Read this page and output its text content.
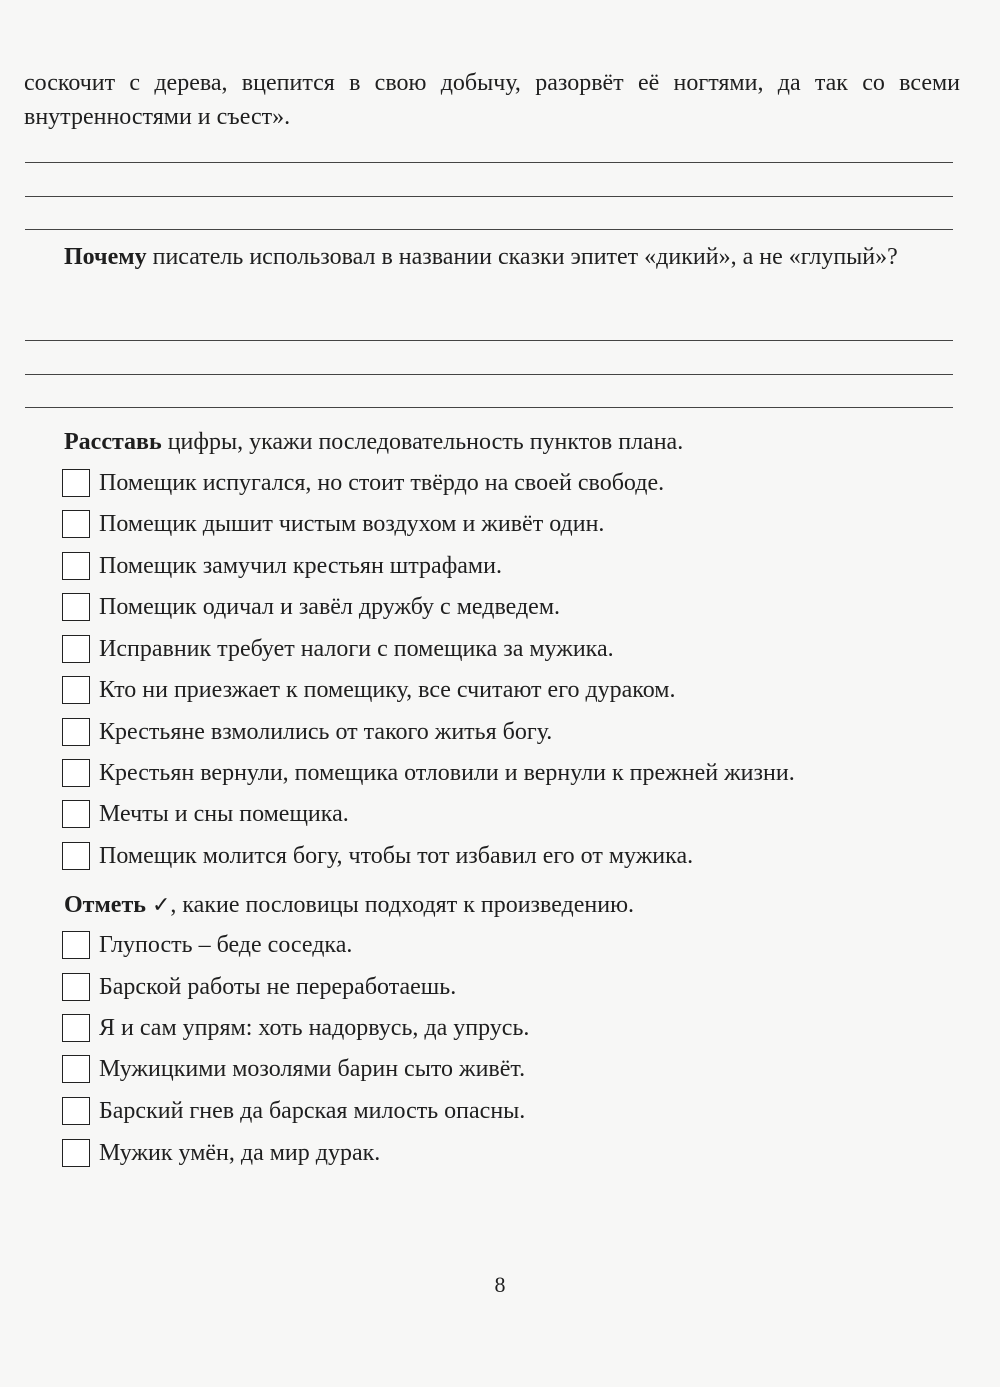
соскочит с дерева, вцепится в свою добычу, разорвёт её ногтями, да так со всеми внутренностями и съест».

Почему писатель использовал в названии сказки эпитет «дикий», а не «глупый»?

Расставь цифры, укажи последовательность пунктов плана.

Помещик испугался, но стоит твёрдо на своей свободе.
Помещик дышит чистым воздухом и живёт один.
Помещик замучил крестьян штрафами.
Помещик одичал и завёл дружбу с медведем.
Исправник требует налоги с помещика за мужика.
Кто ни приезжает к помещику, все считают его дураком.
Крестьяне взмолились от такого житья богу.
Крестьян вернули, помещика отловили и вернули к прежней жизни.
Мечты и сны помещика.
Помещик молится богу, чтобы тот избавил его от мужика.

Отметь ✓, какие пословицы подходят к произведению.

Глупость – беде соседка.
Барской работы не переработаешь.
Я и сам упрям: хоть надорвусь, да упрусь.
Мужицкими мозолями барин сыто живёт.
Барский гнев да барская милость опасны.
Мужик умён, да мир дурак.
8
